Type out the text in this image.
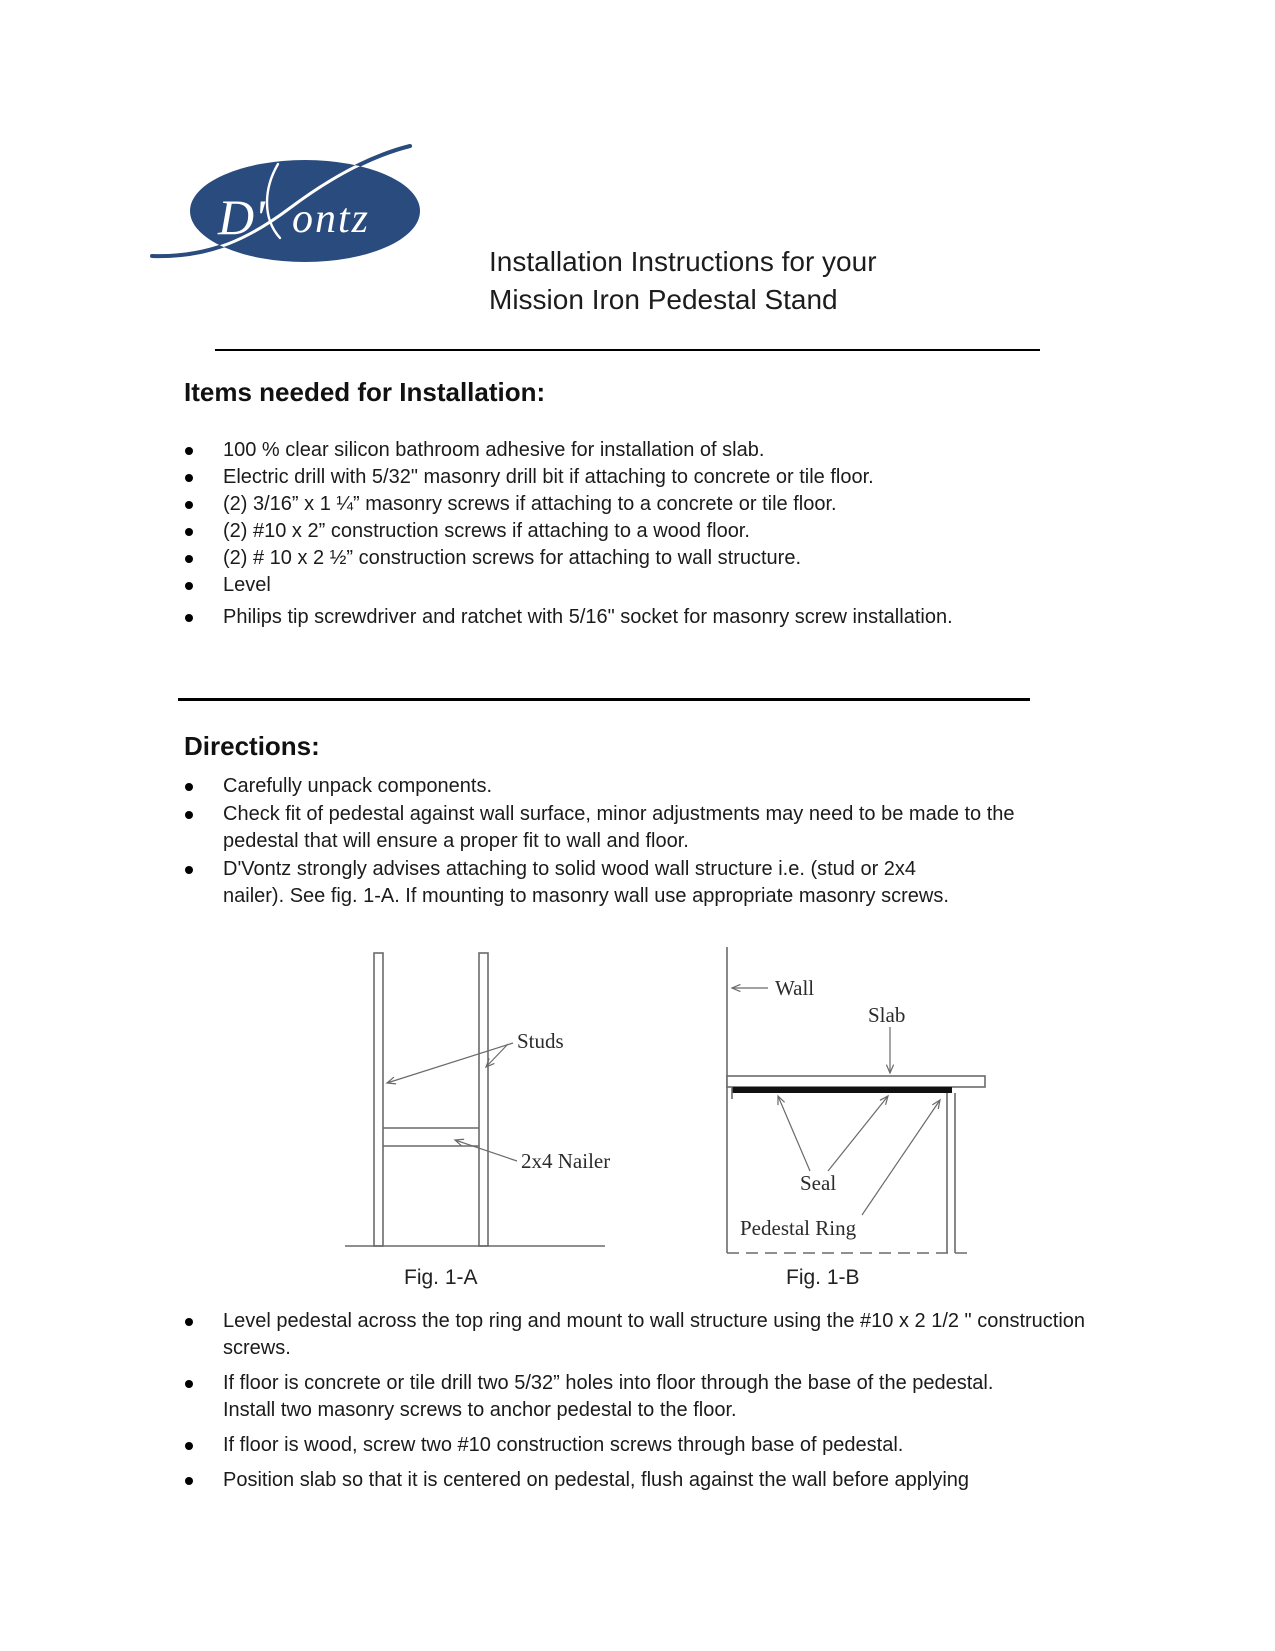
D' ontz
Installation Instructions for your
Mission Iron Pedestal Stand
Items needed for Installation:
100 % clear silicon bathroom adhesive for installation of slab.
Electric drill with 5/32" masonry drill bit if attaching to concrete or tile floor.
(2) 3/16” x 1 ¼” masonry screws if attaching to a concrete or tile floor.
(2) #10 x 2” construction screws if attaching to a wood floor.
(2) # 10 x 2 ½” construction screws for attaching to wall structure.
Level
Philips tip screwdriver and ratchet with 5/16" socket for masonry screw installation.
Directions:
Carefully unpack components.
Check fit of pedestal against wall surface, minor adjustments may need to be made to the pedestal that will ensure a proper fit to wall and floor.
D'Vontz strongly advises attaching to solid wood wall structure i.e. (stud or 2x4 nailer). See fig. 1-A. If mounting to masonry wall use appropriate masonry screws.
Studs
2x4 Nailer
Wall
Slab
Seal
Pedestal Ring
Fig. 1-A	Fig. 1-B
Level pedestal across the top ring and mount to wall structure using the #10 x 2 1/2 " construction screws.
If floor is concrete or tile drill two 5/32” holes into floor through the base of the pedestal. Install two masonry screws to anchor pedestal to the floor.
If floor is wood, screw two #10 construction screws through base of pedestal.
Position slab so that it is centered on pedestal, flush against the wall before applying
